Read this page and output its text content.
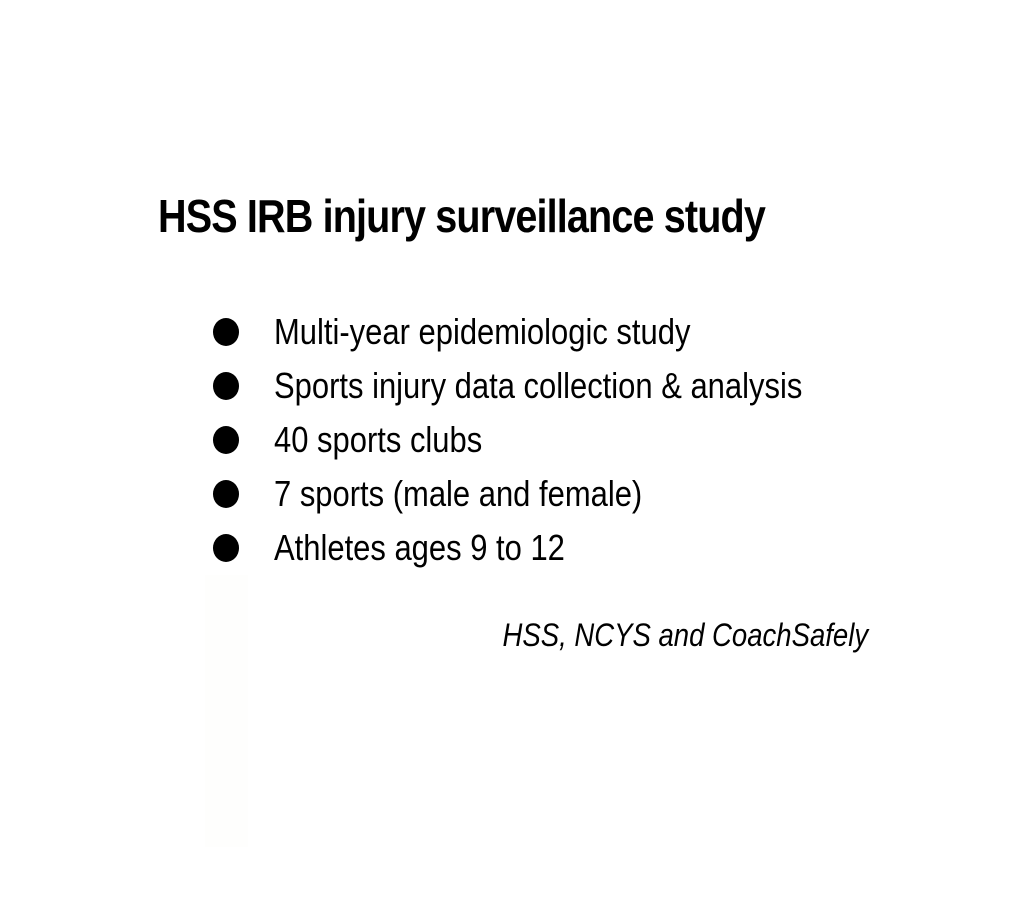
HSS IRB injury surveillance study
Multi-year epidemiologic study
Sports injury data collection & analysis
40 sports clubs
7 sports (male and female)
Athletes ages 9 to 12

HSS, NCYS and CoachSafely
